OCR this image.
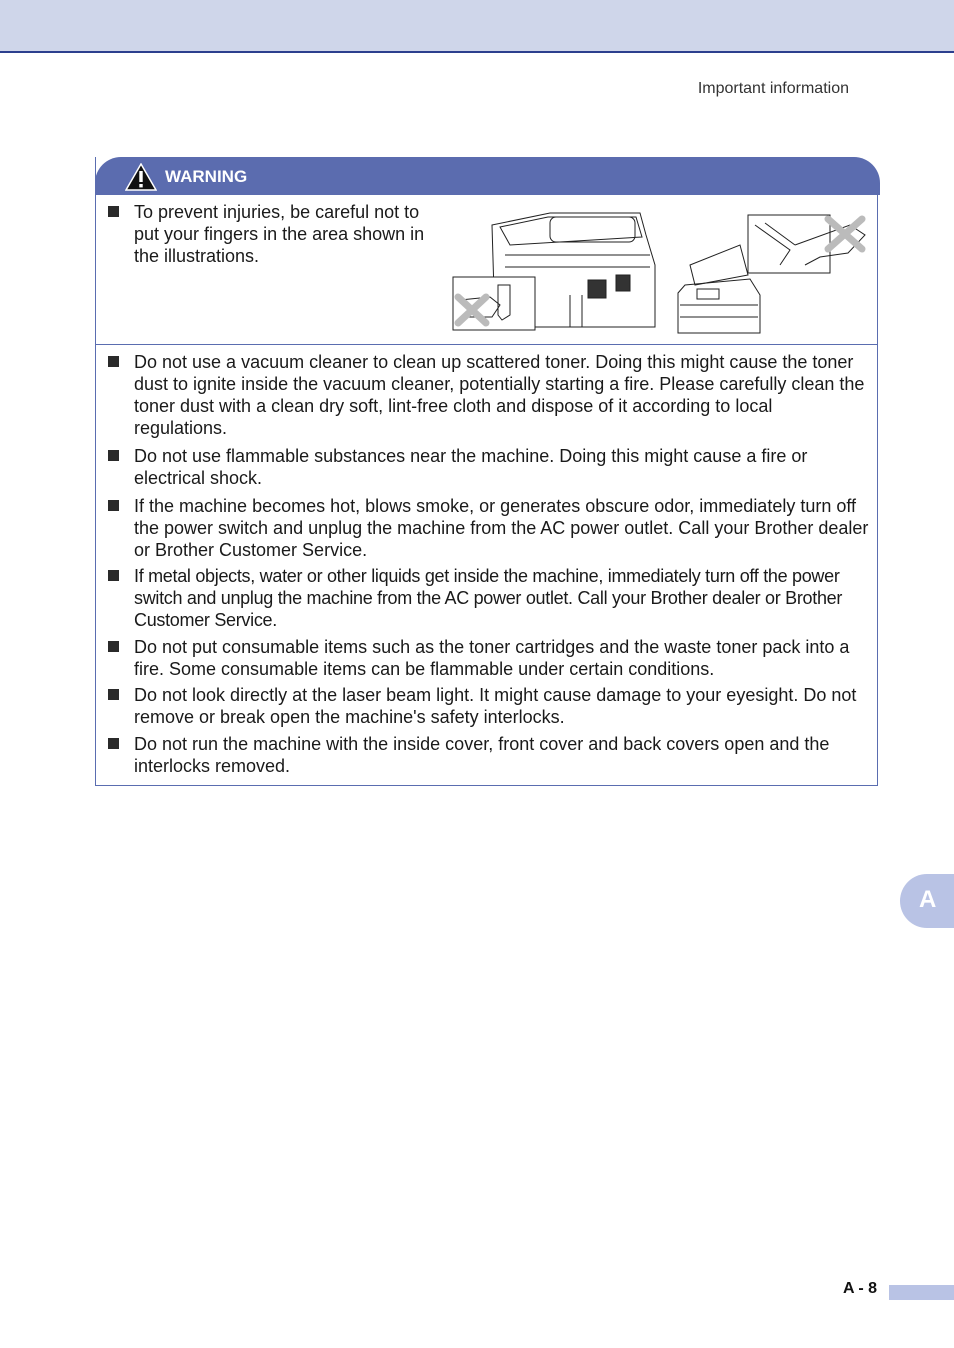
Important information
WARNING
To prevent injuries, be careful not to put your fingers in the area shown in the illustrations.
Do not use a vacuum cleaner to clean up scattered toner. Doing this might cause the toner dust to ignite inside the vacuum cleaner, potentially starting a fire. Please carefully clean the toner dust with a clean dry soft, lint-free cloth and dispose of it according to local regulations.
Do not use flammable substances near the machine. Doing this might cause a fire or electrical shock.
If the machine becomes hot, blows smoke, or generates obscure odor, immediately turn off the power switch and unplug the machine from the AC power outlet. Call your Brother dealer or Brother Customer Service.
If metal objects, water or other liquids get inside the machine, immediately turn off the power switch and unplug the machine from the AC power outlet. Call your Brother dealer or Brother Customer Service.
Do not put consumable items such as the toner cartridges and the waste toner pack into a fire. Some consumable items can be flammable under certain conditions.
Do not look directly at the laser beam light. It might cause damage to your eyesight. Do not remove or break open the machine's safety interlocks.
Do not run the machine with the inside cover, front cover and back covers open and the interlocks removed.
A
A - 8
